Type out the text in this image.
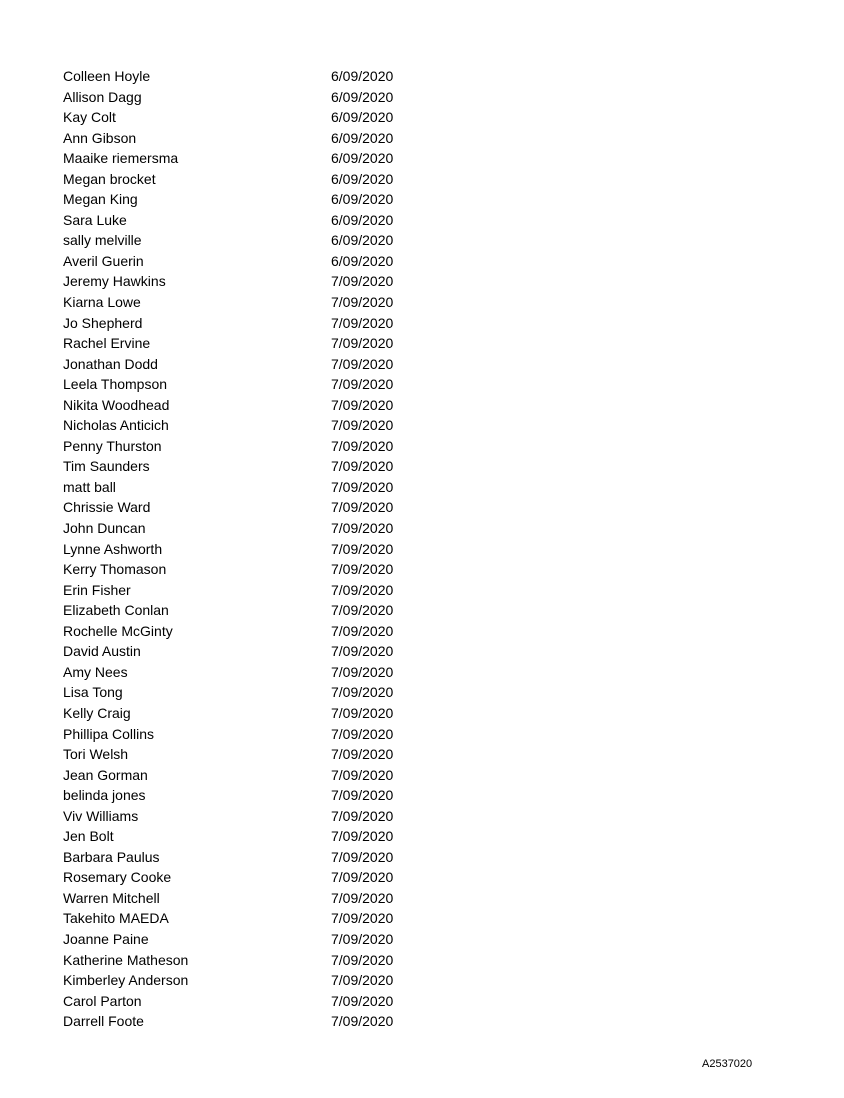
Colleen Hoyle	6/09/2020
Allison Dagg	6/09/2020
Kay Colt	6/09/2020
Ann Gibson	6/09/2020
Maaike riemersma	6/09/2020
Megan brocket	6/09/2020
Megan King	6/09/2020
Sara Luke	6/09/2020
sally melville	6/09/2020
Averil Guerin	6/09/2020
Jeremy Hawkins	7/09/2020
Kiarna Lowe	7/09/2020
Jo Shepherd	7/09/2020
Rachel Ervine	7/09/2020
Jonathan Dodd	7/09/2020
Leela Thompson	7/09/2020
Nikita Woodhead	7/09/2020
Nicholas Anticich	7/09/2020
Penny Thurston	7/09/2020
Tim Saunders	7/09/2020
matt ball	7/09/2020
Chrissie Ward	7/09/2020
John Duncan	7/09/2020
Lynne Ashworth	7/09/2020
Kerry Thomason	7/09/2020
Erin Fisher	7/09/2020
Elizabeth Conlan	7/09/2020
Rochelle McGinty	7/09/2020
David Austin	7/09/2020
Amy Nees	7/09/2020
Lisa Tong	7/09/2020
Kelly Craig	7/09/2020
Phillipa Collins	7/09/2020
Tori Welsh	7/09/2020
Jean Gorman	7/09/2020
belinda jones	7/09/2020
Viv Williams	7/09/2020
Jen Bolt	7/09/2020
Barbara Paulus	7/09/2020
Rosemary Cooke	7/09/2020
Warren Mitchell	7/09/2020
Takehito MAEDA	7/09/2020
Joanne Paine	7/09/2020
Katherine Matheson	7/09/2020
Kimberley Anderson	7/09/2020
Carol Parton	7/09/2020
Darrell Foote	7/09/2020
A2537020
